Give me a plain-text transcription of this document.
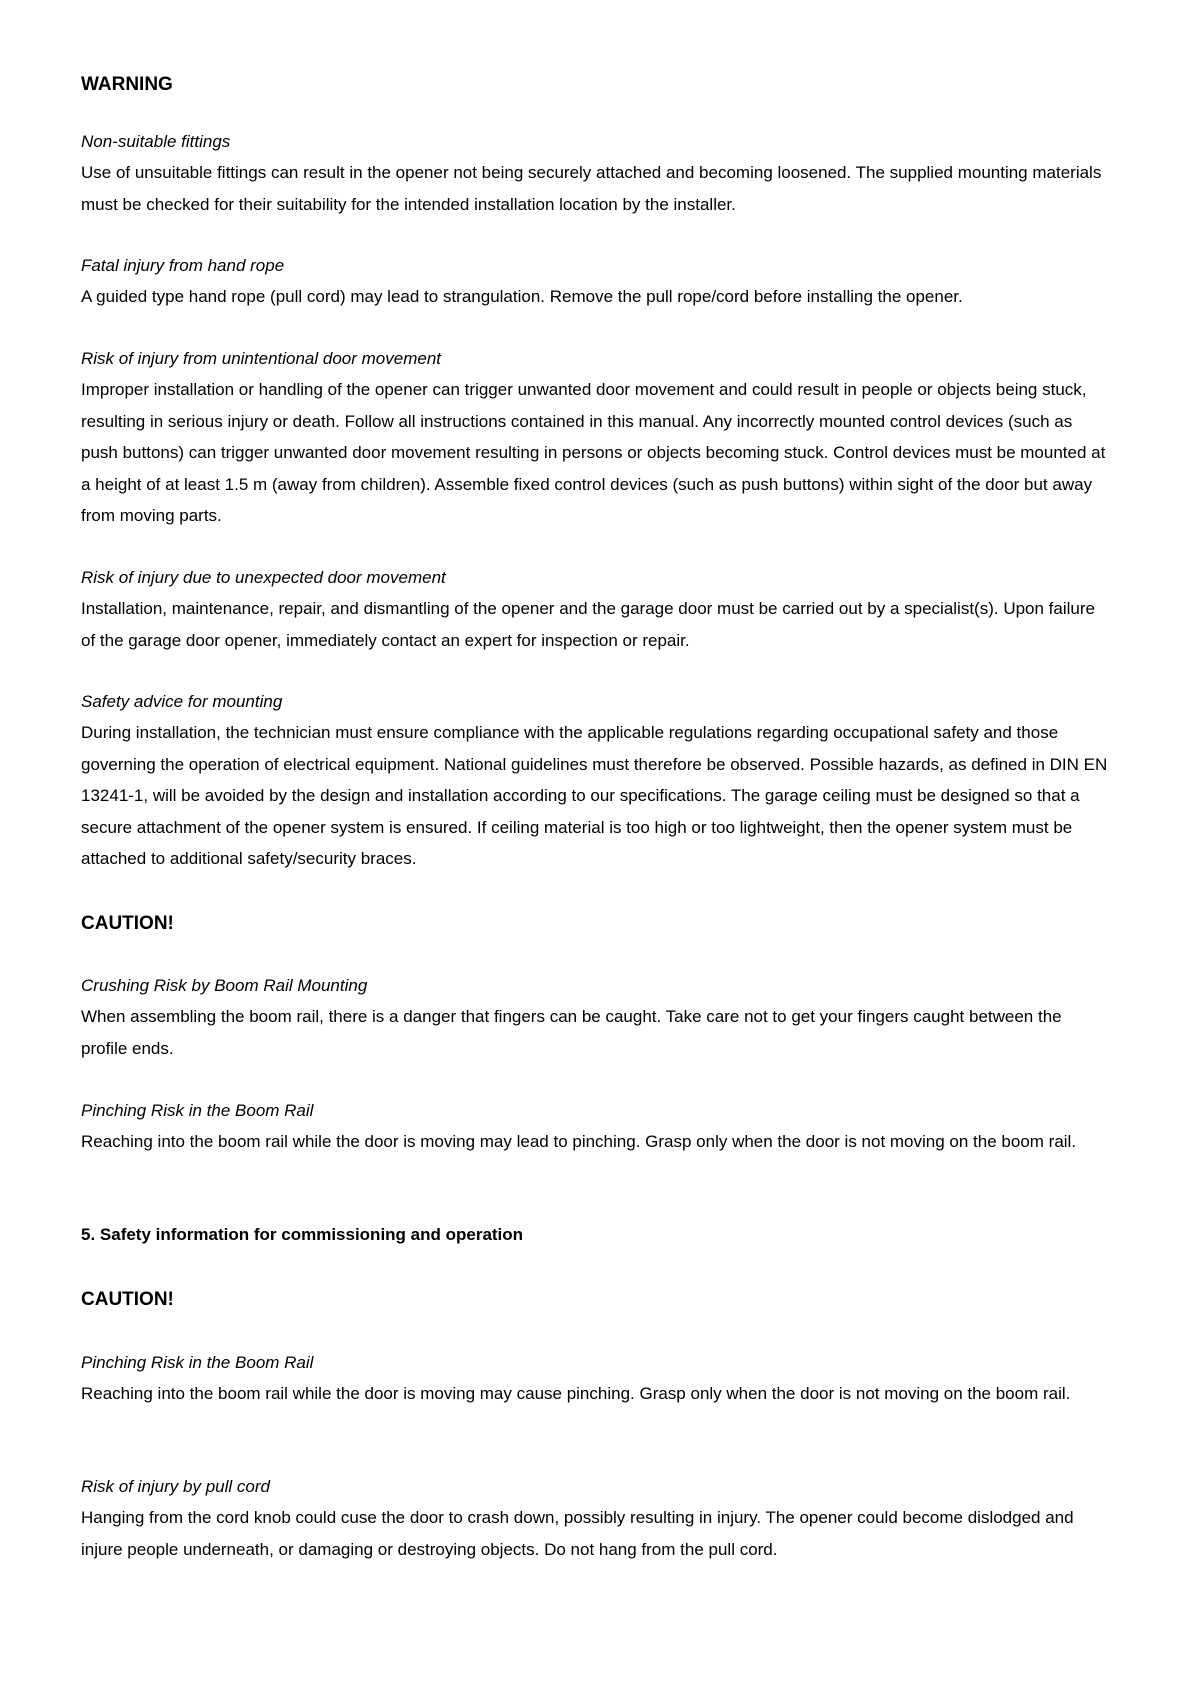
WARNING
Non-suitable fittings
Use of unsuitable fittings can result in the opener not being securely attached and becoming loosened. The supplied mounting materials must be checked for their suitability for the intended installation location by the installer.
Fatal injury from hand rope
A guided type hand rope (pull cord) may lead to strangulation. Remove the pull rope/cord before installing the opener.
Risk of injury from unintentional door movement
Improper installation or handling of the opener can trigger unwanted door movement and could result in people or objects being stuck, resulting in serious injury or death. Follow all instructions contained in this manual. Any incorrectly mounted control devices (such as push buttons) can trigger unwanted door movement resulting in persons or objects becoming stuck. Control devices must be mounted at a height of at least 1.5 m (away from children). Assemble fixed control devices (such as push buttons) within sight of the door but away from moving parts.
Risk of injury due to unexpected door movement
Installation, maintenance, repair, and dismantling of the opener and the garage door must be carried out by a specialist(s). Upon failure of the garage door opener, immediately contact an expert for inspection or repair.
Safety advice for mounting
During installation, the technician must ensure compliance with the applicable regulations regarding occupational safety and those governing the operation of electrical equipment. National guidelines must therefore be observed. Possible hazards, as defined in DIN EN 13241-1, will be avoided by the design and installation according to our specifications. The garage ceiling must be designed so that a secure attachment of the opener system is ensured. If ceiling material is too high or too lightweight, then the opener system must be attached to additional safety/security braces.
CAUTION!
Crushing Risk by Boom Rail Mounting
When assembling the boom rail, there is a danger that fingers can be caught. Take care not to get your fingers caught between the profile ends.
Pinching Risk in the Boom Rail
Reaching into the boom rail while the door is moving may lead to pinching. Grasp only when the door is not moving on the boom rail.
5. Safety information for commissioning and operation
CAUTION!
Pinching Risk in the Boom Rail
Reaching into the boom rail while the door is moving may cause pinching. Grasp only when the door is not moving on the boom rail.
Risk of injury by pull cord
Hanging from the cord knob could cuse the door to crash down, possibly resulting in injury. The opener could become dislodged and injure people underneath, or damaging or destroying objects. Do not hang from the pull cord.
